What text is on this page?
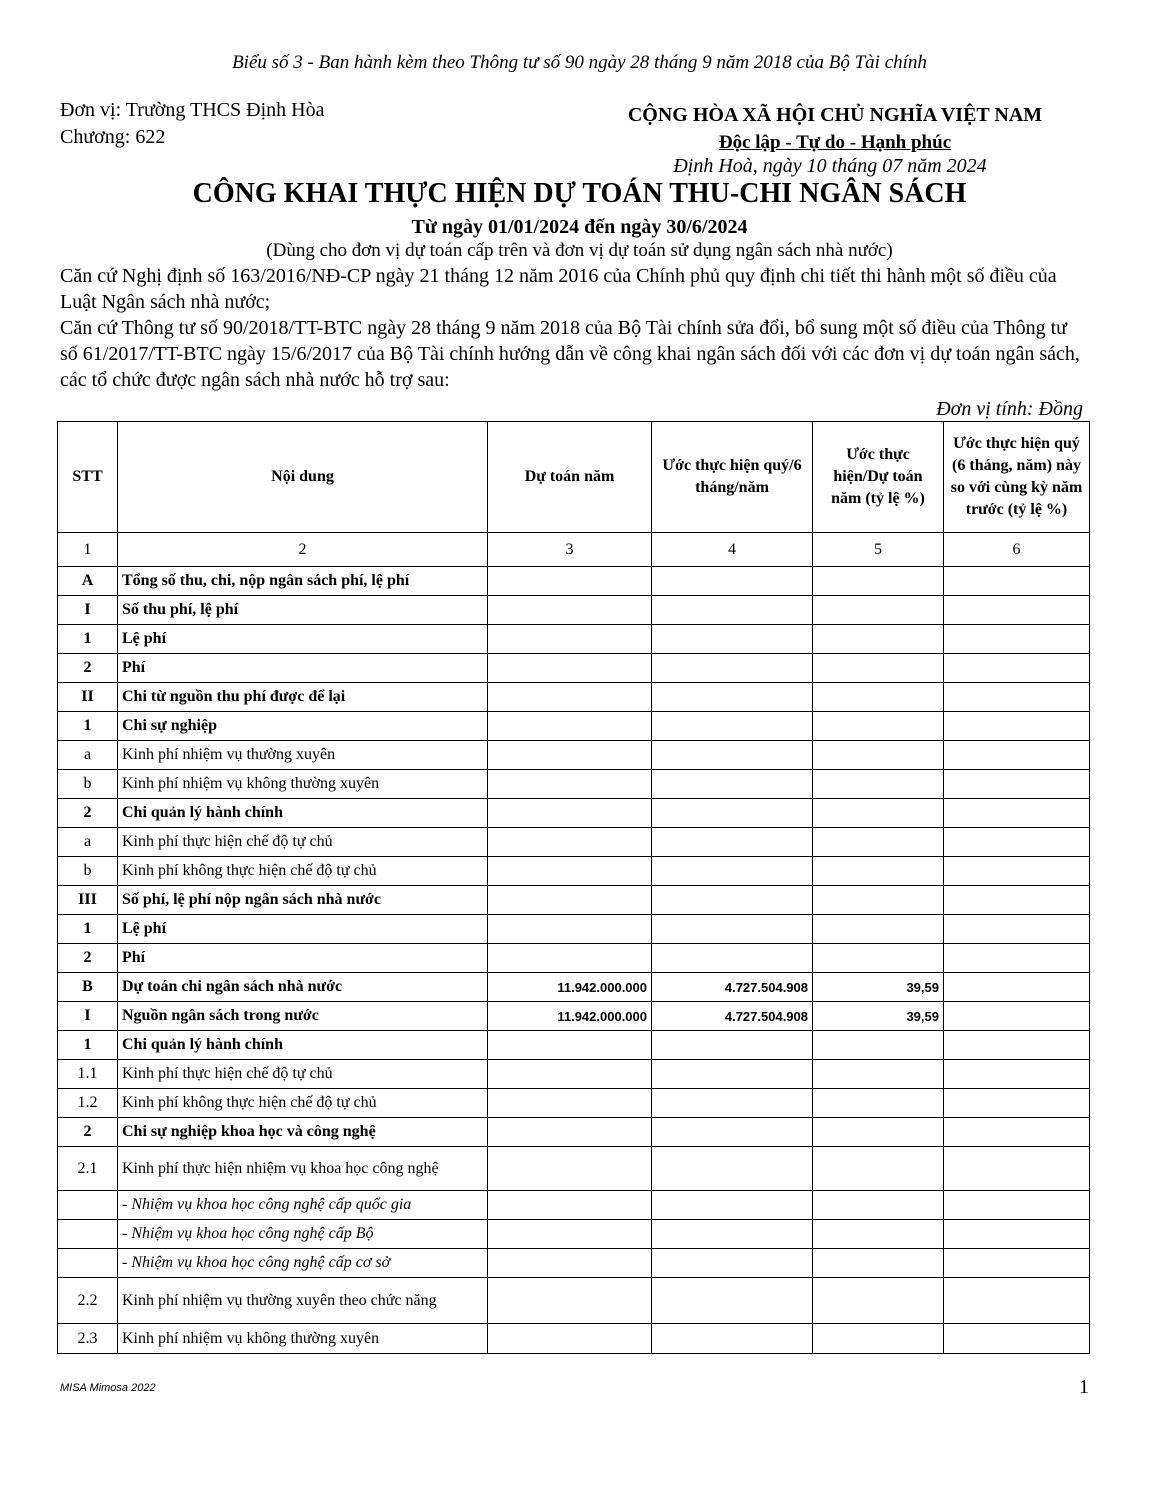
Biểu số 3 - Ban hành kèm theo Thông tư số 90 ngày 28 tháng 9 năm 2018 của Bộ Tài chính
Đơn vị: Trường THCS Định Hòa
Chương: 622
CỘNG HÒA XÃ HỘI CHỦ NGHĨA VIỆT NAM
Độc lập - Tự do - Hạnh phúc
Định Hoà, ngày 10 tháng 07 năm 2024
CÔNG KHAI THỰC HIỆN DỰ TOÁN THU-CHI NGÂN SÁCH
Từ ngày 01/01/2024 đến ngày 30/6/2024
(Dùng cho đơn vị dự toán cấp trên và đơn vị dự toán sử dụng ngân sách nhà nước)

Căn cứ Nghị định số 163/2016/NĐ-CP ngày 21 tháng 12 năm 2016 của Chính phủ quy định chi tiết thi hành một số điều của Luật Ngân sách nhà nước;

Căn cứ Thông tư số 90/2018/TT-BTC ngày 28 tháng 9 năm 2018 của Bộ Tài chính sửa đổi, bổ sung một số điều của Thông tư số 61/2017/TT-BTC ngày 15/6/2017 của Bộ Tài chính hướng dẫn về công khai ngân sách đối với các đơn vị dự toán ngân sách, các tổ chức được ngân sách nhà nước hỗ trợ sau:

Đơn vị tính: Đồng
STT	Nội dung	Dự toán năm	Ước thực hiện quý/6 tháng/năm	Ước thực hiện/Dự toán năm (tỷ lệ %)	Ước thực hiện quý (6 tháng, năm) này so với cùng kỳ năm trước (tỷ lệ %)
1	2	3	4	5	6
A	Tổng số thu, chi, nộp ngân sách phí, lệ phí				
I	Số thu phí, lệ phí				
1	Lệ phí				
2	Phí				
II	Chi từ nguồn thu phí được để lại				
1	Chi sự nghiệp				
a	Kinh phí nhiệm vụ thường xuyên				
b	Kinh phí nhiệm vụ không thường xuyên				
2	Chi quản lý hành chính				
a	Kinh phí thực hiện chế độ tự chủ				
b	Kinh phí không thực hiện chế độ tự chủ				
III	Số phí, lệ phí nộp ngân sách nhà nước				
1	Lệ phí				
2	Phí				
B	Dự toán chi ngân sách nhà nước	11.942.000.000	4.727.504.908	39,59	
I	Nguồn ngân sách trong nước	11.942.000.000	4.727.504.908	39,59	
1	Chi quản lý hành chính				
1.1	Kinh phí thực hiện chế độ tự chủ				
1.2	Kinh phí không thực hiện chế độ tự chủ				
2	Chi sự nghiệp khoa học và công nghệ				
2.1	Kinh phí thực hiện nhiệm vụ khoa học công nghệ				
	- Nhiệm vụ khoa học công nghệ cấp quốc gia				
	- Nhiệm vụ khoa học công nghệ cấp Bộ				
	- Nhiệm vụ khoa học công nghệ cấp cơ sở				
2.2	Kinh phí nhiệm vụ thường xuyên theo chức năng				
2.3	Kinh phí nhiệm vụ không thường xuyên				
MISA Mimosa 2022	1
